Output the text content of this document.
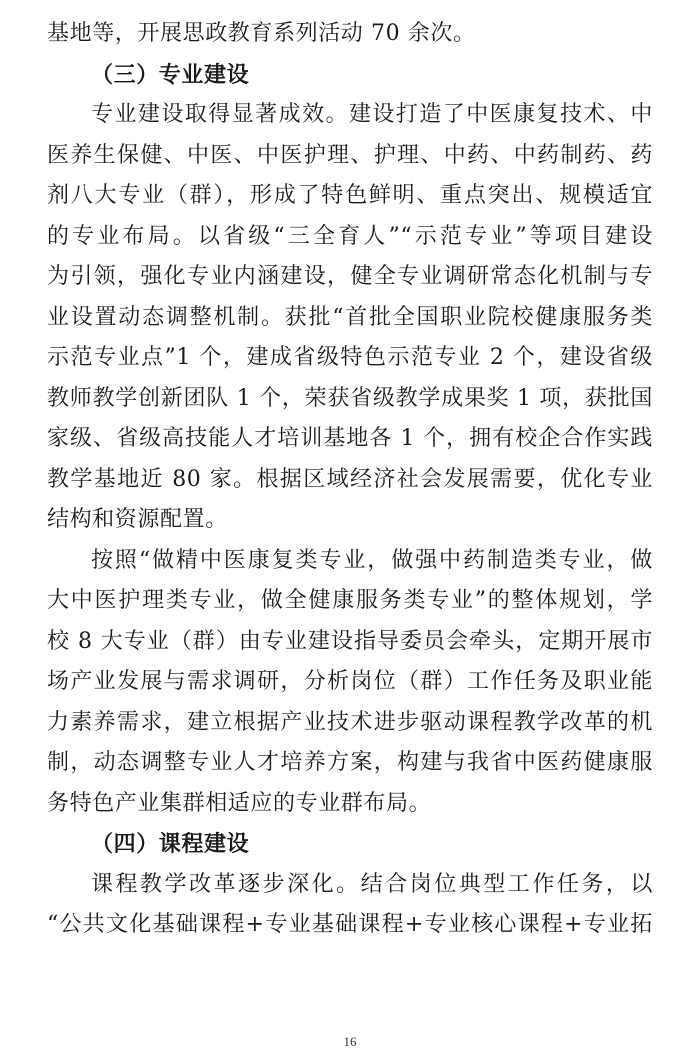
基地等，开展思政教育系列活动 70 余次。
（三）专业建设
专业建设取得显著成效。建设打造了中医康复技术、中
医养生保健、中医、中医护理、护理、中药、中药制药、药
剂八大专业（群），形成了特色鲜明、重点突出、规模适宜
的专业布局。以省级“三全育人”“示范专业”等项目建设
为引领，强化专业内涵建设，健全专业调研常态化机制与专
业设置动态调整机制。获批“首批全国职业院校健康服务类
示范专业点”1 个，建成省级特色示范专业 2 个，建设省级
教师教学创新团队 1 个，荣获省级教学成果奖 1 项，获批国
家级、省级高技能人才培训基地各 1 个，拥有校企合作实践
教学基地近 80 家。根据区域经济社会发展需要，优化专业
结构和资源配置。
按照“做精中医康复类专业，做强中药制造类专业，做
大中医护理类专业，做全健康服务类专业”的整体规划，学
校 8 大专业（群）由专业建设指导委员会牵头，定期开展市
场产业发展与需求调研，分析岗位（群）工作任务及职业能
力素养需求，建立根据产业技术进步驱动课程教学改革的机
制，动态调整专业人才培养方案，构建与我省中医药健康服
务特色产业集群相适应的专业群布局。
（四）课程建设
课程教学改革逐步深化。结合岗位典型工作任务，以
“公共文化基础课程+专业基础课程+专业核心课程+专业拓
16
